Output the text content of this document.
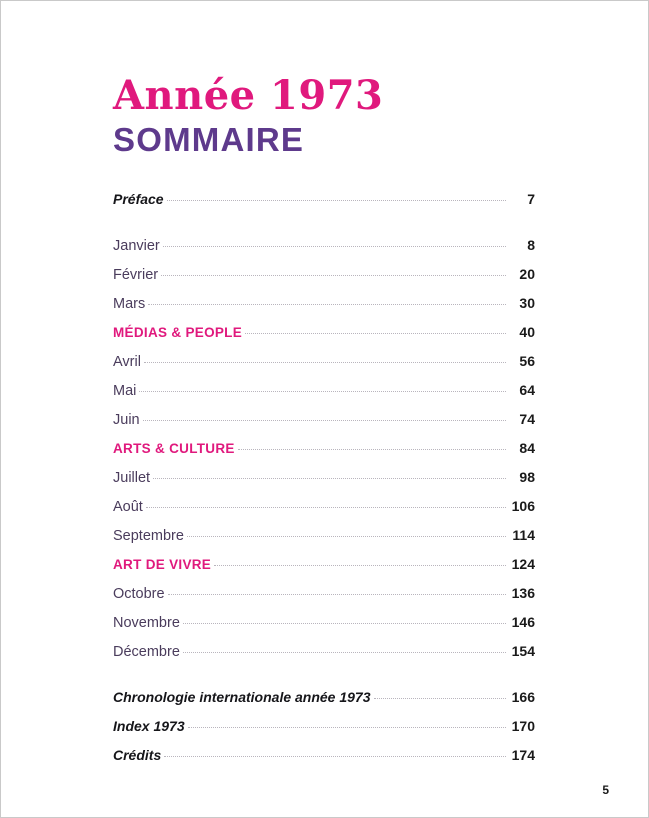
Année 1973
SOMMAIRE
Préface	7
Janvier	8
Février	20
Mars	30
MÉDIAS & PEOPLE	40
Avril	56
Mai	64
Juin	74
ARTS & CULTURE	84
Juillet	98
Août	106
Septembre	114
ART DE VIVRE	124
Octobre	136
Novembre	146
Décembre	154
Chronologie internationale année 1973	166
Index 1973	170
Crédits	174
5
